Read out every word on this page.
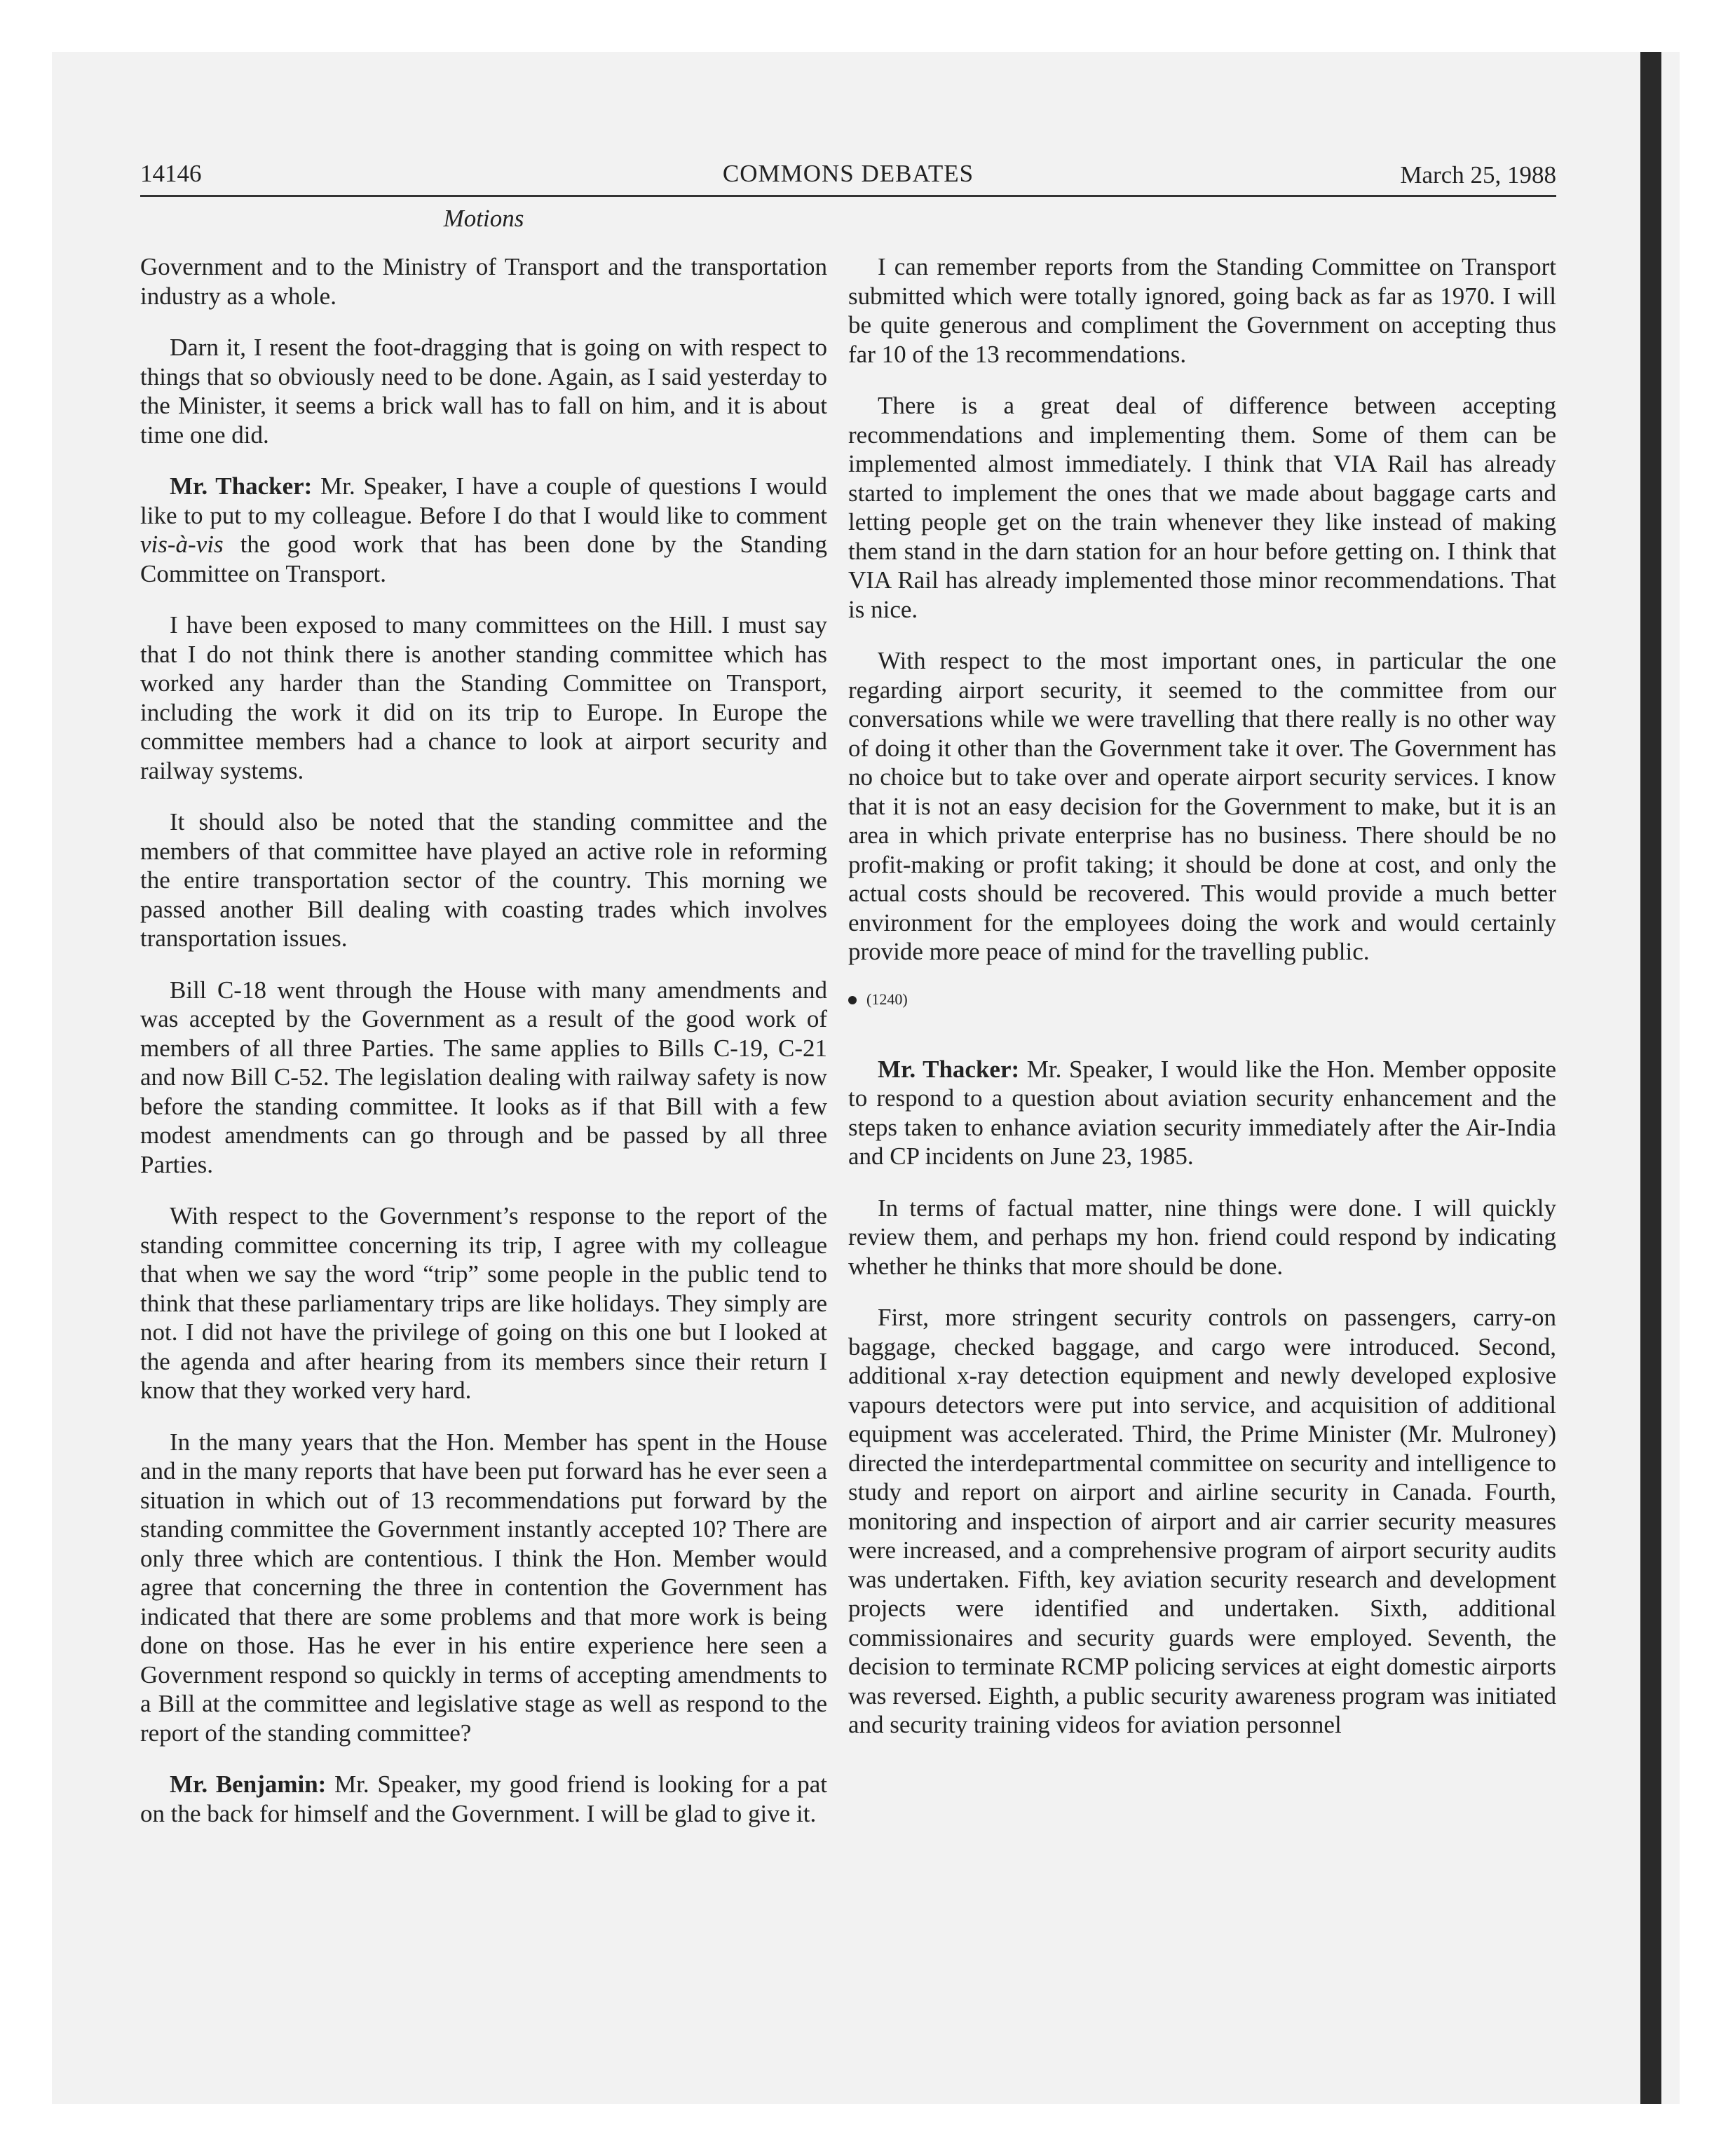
14146	COMMONS DEBATES	March 25, 1988
Motions

Government and to the Ministry of Transport and the transportation industry as a whole.

Darn it, I resent the foot-dragging that is going on with respect to things that so obviously need to be done. Again, as I said yesterday to the Minister, it seems a brick wall has to fall on him, and it is about time one did.

Mr. Thacker: Mr. Speaker, I have a couple of questions I would like to put to my colleague. Before I do that I would like to comment vis-à-vis the good work that has been done by the Standing Committee on Transport.

I have been exposed to many committees on the Hill. I must say that I do not think there is another standing committee which has worked any harder than the Standing Committee on Transport, including the work it did on its trip to Europe. In Europe the committee members had a chance to look at airport security and railway systems.

It should also be noted that the standing committee and the members of that committee have played an active role in reforming the entire transportation sector of the country. This morning we passed another Bill dealing with coasting trades which involves transportation issues.

Bill C-18 went through the House with many amendments and was accepted by the Government as a result of the good work of members of all three Parties. The same applies to Bills C-19, C-21 and now Bill C-52. The legislation dealing with railway safety is now before the standing committee. It looks as if that Bill with a few modest amendments can go through and be passed by all three Parties.

With respect to the Government’s response to the report of the standing committee concerning its trip, I agree with my colleague that when we say the word “trip” some people in the public tend to think that these parliamentary trips are like holidays. They simply are not. I did not have the privilege of going on this one but I looked at the agenda and after hearing from its members since their return I know that they worked very hard.

In the many years that the Hon. Member has spent in the House and in the many reports that have been put forward has he ever seen a situation in which out of 13 recommendations put forward by the standing committee the Government instantly accepted 10? There are only three which are contentious. I think the Hon. Member would agree that concerning the three in contention the Government has indicated that there are some problems and that more work is being done on those. Has he ever in his entire experience here seen a Government respond so quickly in terms of accepting amendments to a Bill at the committee and legislative stage as well as respond to the report of the standing committee?

Mr. Benjamin: Mr. Speaker, my good friend is looking for a pat on the back for himself and the Government. I will be glad to give it.

I can remember reports from the Standing Committee on Transport submitted which were totally ignored, going back as far as 1970. I will be quite generous and compliment the Government on accepting thus far 10 of the 13 recommendations.

There is a great deal of difference between accepting recommendations and implementing them. Some of them can be implemented almost immediately. I think that VIA Rail has already started to implement the ones that we made about baggage carts and letting people get on the train whenever they like instead of making them stand in the darn station for an hour before getting on. I think that VIA Rail has already implemented those minor recommendations. That is nice.

With respect to the most important ones, in particular the one regarding airport security, it seemed to the committee from our conversations while we were travelling that there really is no other way of doing it other than the Government take it over. The Government has no choice but to take over and operate airport security services. I know that it is not an easy decision for the Government to make, but it is an area in which private enterprise has no business. There should be no profit-making or profit taking; it should be done at cost, and only the actual costs should be recovered. This would provide a much better environment for the employees doing the work and would certainly provide more peace of mind for the travelling public.

(1240)

Mr. Thacker: Mr. Speaker, I would like the Hon. Member opposite to respond to a question about aviation security enhancement and the steps taken to enhance aviation security immediately after the Air-India and CP incidents on June 23, 1985.

In terms of factual matter, nine things were done. I will quickly review them, and perhaps my hon. friend could respond by indicating whether he thinks that more should be done.

First, more stringent security controls on passengers, carry-on baggage, checked baggage, and cargo were introduced. Second, additional x-ray detection equipment and newly developed explosive vapours detectors were put into service, and acquisition of additional equipment was accelerated. Third, the Prime Minister (Mr. Mulroney) directed the interdepartmental committee on security and intelligence to study and report on airport and airline security in Canada. Fourth, monitoring and inspection of airport and air carrier security measures were increased, and a comprehensive program of airport security audits was undertaken. Fifth, key aviation security research and development projects were identified and undertaken. Sixth, additional commissionaires and security guards were employed. Seventh, the decision to terminate RCMP policing services at eight domestic airports was reversed. Eighth, a public security awareness program was initiated and security training videos for aviation personnel
